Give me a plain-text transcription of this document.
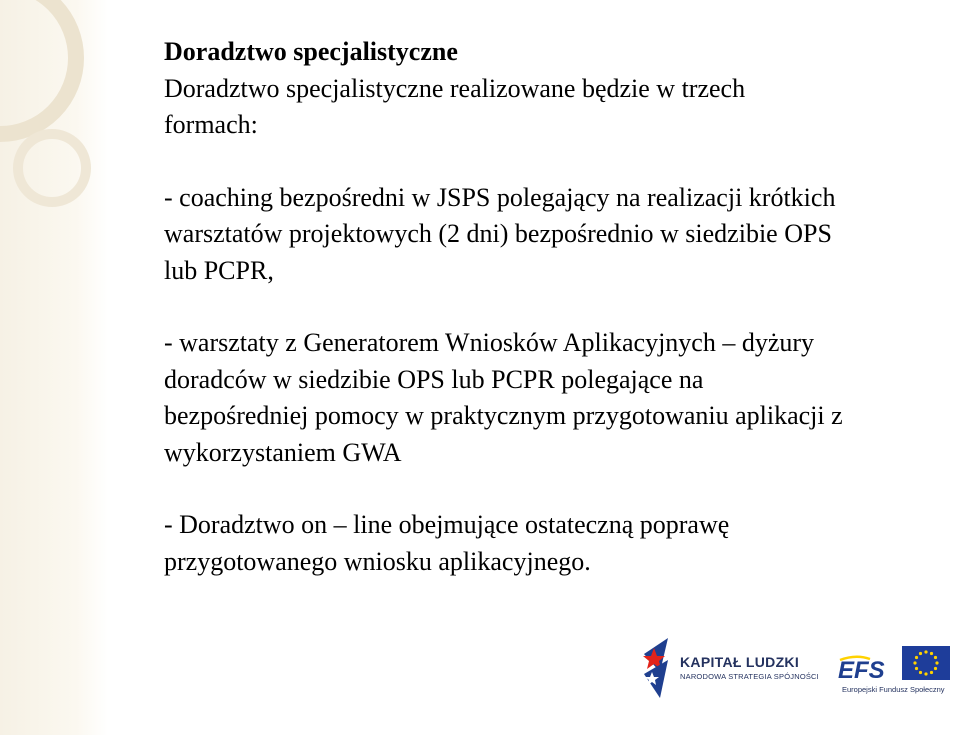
Doradztwo specjalistyczne
Doradztwo specjalistyczne realizowane będzie w trzech
formach:
- coaching bezpośredni w JSPS polegający na realizacji krótkich
warsztatów projektowych (2 dni) bezpośrednio w siedzibie OPS
lub PCPR,
- warsztaty z Generatorem Wniosków Aplikacyjnych – dyżury
doradców w siedzibie OPS lub PCPR polegające na
bezpośredniej pomocy w praktycznym przygotowaniu aplikacji z
wykorzystaniem GWA
- Doradztwo on – line obejmujące ostateczną poprawę
przygotowanego wniosku aplikacyjnego.
KAPITAŁ LUDZKI
NARODOWA STRATEGIA SPÓJNOŚCI EFS
Europejski Fundusz Społeczny
